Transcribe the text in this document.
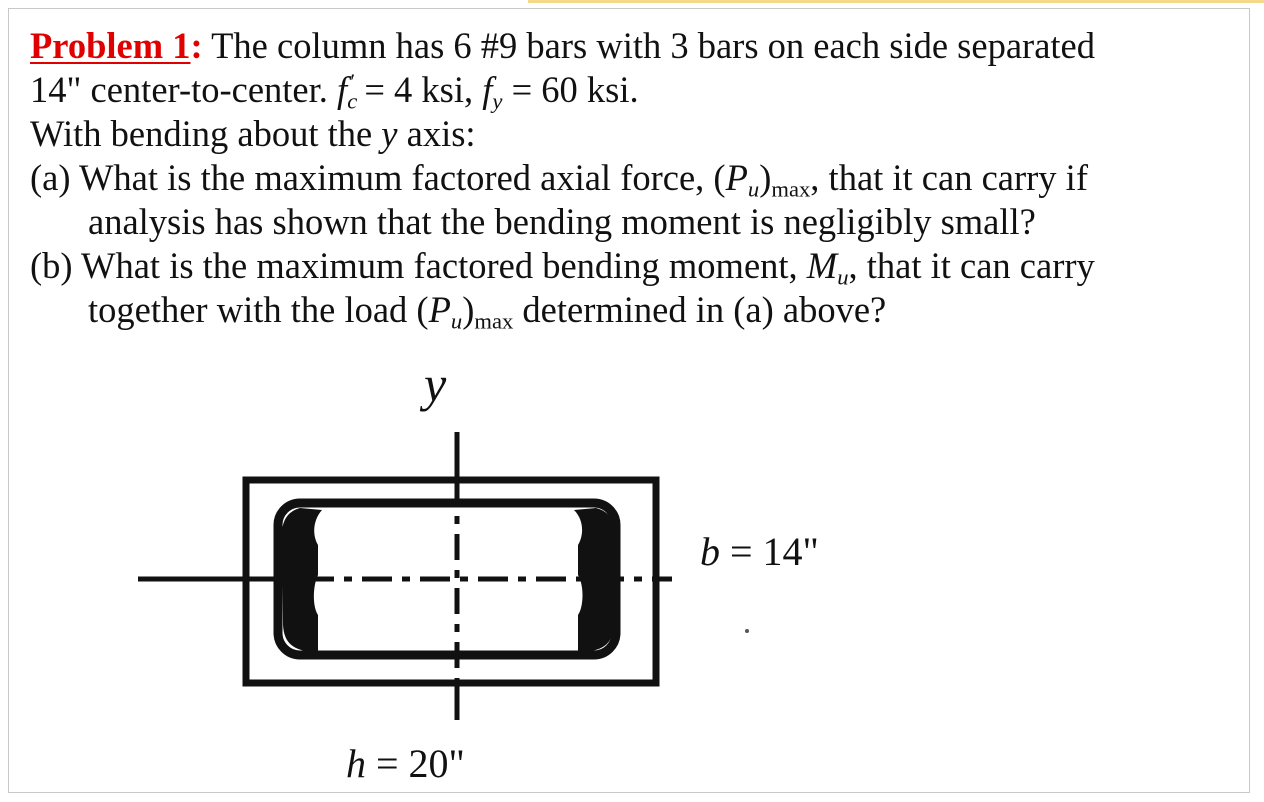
Problem 1: The column has 6 #9 bars with 3 bars on each side separated
14" center-to-center. $f_c' = 4$ ksi, $f_y = 60$ ksi.
With bending about the y axis:
(a) What is the maximum factored axial force, $(P_u)_{max}$, that it can carry if
analysis has shown that the bending moment is negligibly small?
(b) What is the maximum factored bending moment, $M_u$, that it can carry
together with the load $(P_u)_{max}$ determined in (a) above?
y
b = 14"
h = 20"
